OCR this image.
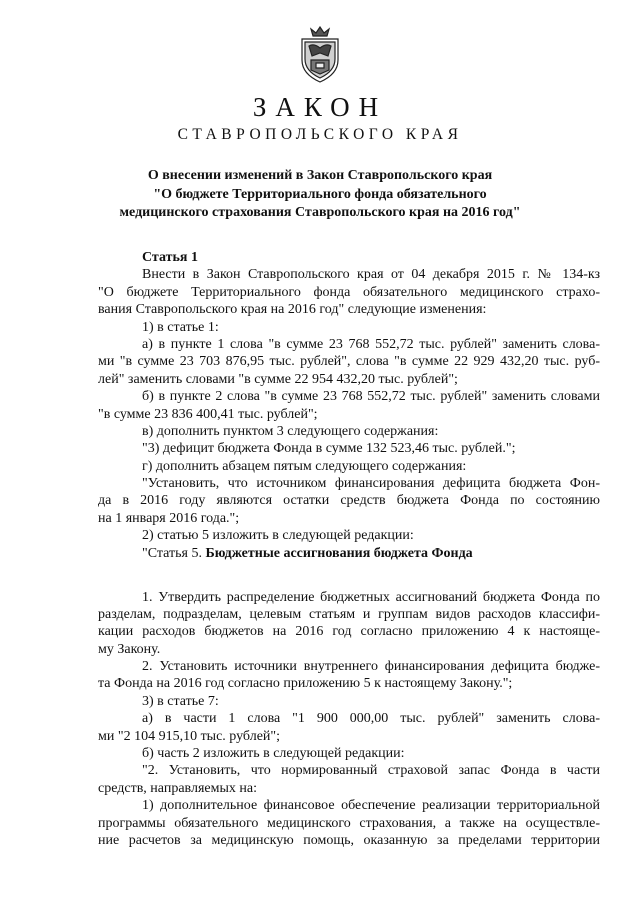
ЗАКОН
СТАВРОПОЛЬСКОГО КРАЯ
О внесении изменений в Закон Ставропольского края
"О бюджете Территориального фонда обязательного
медицинского страхования Ставропольского края на 2016 год"
Статья 1
Внести в Закон Ставропольского края от 04 декабря 2015 г. № 134-кз
"О бюджете Территориального фонда обязательного медицинского страхо-
вания Ставропольского края на 2016 год" следующие изменения:
1) в статье 1:
а) в пункте 1 слова "в сумме 23 768 552,72 тыс. рублей" заменить слова-
ми "в сумме 23 703 876,95 тыс. рублей", слова "в сумме 22 929 432,20 тыс. руб-
лей" заменить словами "в сумме 22 954 432,20 тыс. рублей";
б) в пункте 2 слова "в сумме 23 768 552,72 тыс. рублей" заменить словами
"в сумме 23 836 400,41 тыс. рублей";
в) дополнить пунктом 3 следующего содержания:
"3) дефицит бюджета Фонда в сумме 132 523,46 тыс. рублей.";
г) дополнить абзацем пятым следующего содержания:
"Установить, что источником финансирования дефицита бюджета Фон-
да в 2016 году являются остатки средств бюджета Фонда по состоянию
на 1 января 2016 года.";
2) статью 5 изложить в следующей редакции:
"Статья 5. Бюджетные ассигнования бюджета Фонда
1. Утвердить распределение бюджетных ассигнований бюджета Фонда по
разделам, подразделам, целевым статьям и группам видов расходов классифи-
кации расходов бюджетов на 2016 год согласно приложению 4 к настояще-
му Закону.
2. Установить источники внутреннего финансирования дефицита бюдже-
та Фонда на 2016 год согласно приложению 5 к настоящему Закону.";
3) в статье 7:
а) в части 1 слова "1 900 000,00 тыс. рублей" заменить слова-
ми "2 104 915,10 тыс. рублей";
б) часть 2 изложить в следующей редакции:
"2. Установить, что нормированный страховой запас Фонда в части
средств, направляемых на:
1) дополнительное финансовое обеспечение реализации территориальной
программы обязательного медицинского страхования, а также на осуществле-
ние расчетов за медицинскую помощь, оказанную за пределами территории
